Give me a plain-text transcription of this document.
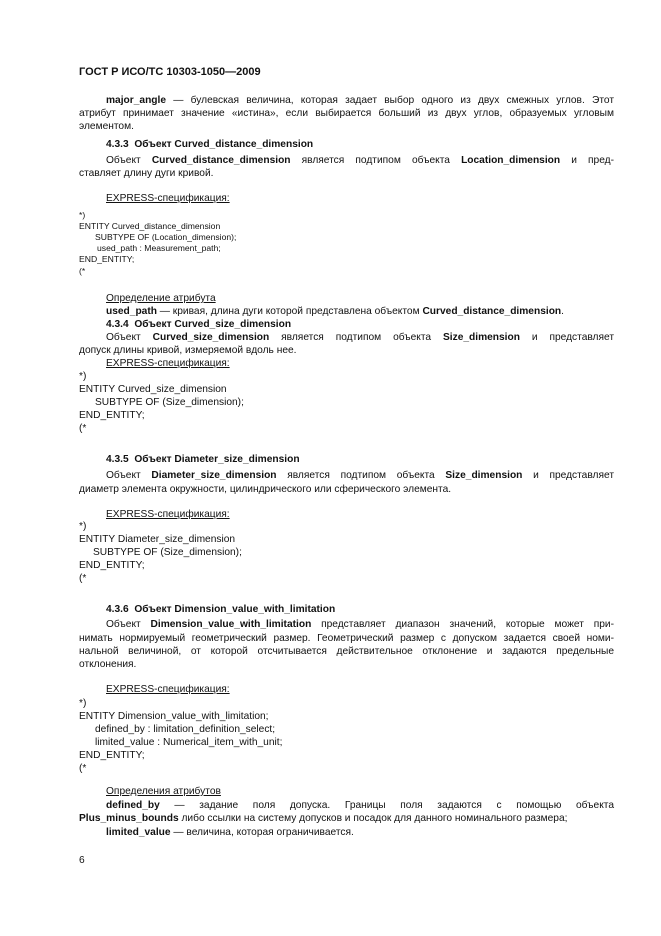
ГОСТ Р ИСО/ТС 10303-1050—2009
major_angle — булевская величина, которая задает выбор одного из двух смежных углов. Этот
атрибут принимает значение «истина», если выбирается больший из двух углов, образуемых угловым
элементом.
4.3.3 Объект Curved_distance_dimension
Объект Curved_distance_dimension является подтипом объекта Location_dimension и пред-
ставляет длину дуги кривой.
EXPRESS-спецификация:
*)
ENTITY Curved_distance_dimension
SUBTYPE OF (Location_dimension);
used_path : Measurement_path;
END_ENTITY;
(*
Определение атрибута
used_path — кривая, длина дуги которой представлена объектом Curved_distance_dimension.
4.3.4 Объект Curved_size_dimension
Объект Curved_size_dimension является подтипом объекта Size_dimension и представляет
допуск длины кривой, измеряемой вдоль нее.
EXPRESS-спецификация:
*)
ENTITY Curved_size_dimension
SUBTYPE OF (Size_dimension);
END_ENTITY;
(*
4.3.5 Объект Diameter_size_dimension
Объект Diameter_size_dimension является подтипом объекта Size_dimension и представляет
диаметр элемента окружности, цилиндрического или сферического элемента.
EXPRESS-спецификация:
*)
ENTITY Diameter_size_dimension
SUBTYPE OF (Size_dimension);
END_ENTITY;
(*
4.3.6 Объект Dimension_value_with_limitation
Объект Dimension_value_with_limitation представляет диапазон значений, которые может при-
нимать нормируемый геометрический размер. Геометрический размер с допуском задается своей номи-
нальной величиной, от которой отсчитывается действительное отклонение и задаются предельные
отклонения.
EXPRESS-спецификация:
*)
ENTITY Dimension_value_with_limitation;
defined_by : limitation_definition_select;
limited_value : Numerical_item_with_unit;
END_ENTITY;
(*
Определения атрибутов
defined_by — задание поля допуска. Границы поля задаются с помощью объекта
Plus_minus_bounds либо ссылки на систему допусков и посадок для данного номинального размера;
limited_value — величина, которая ограничивается.
6
